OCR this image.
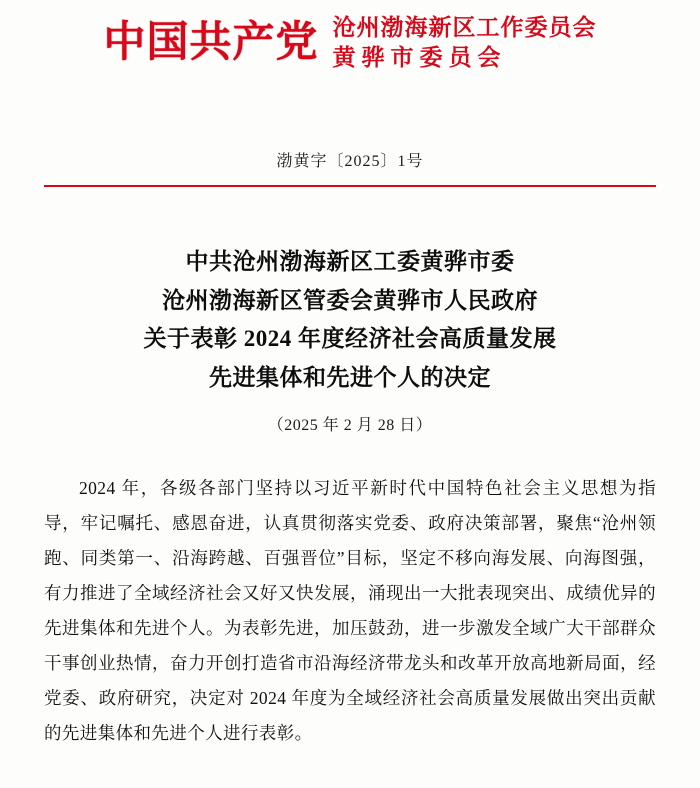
中国共产党 沧州渤海新区工作委员会
黄骅市委员会
渤黄字〔2025〕1号
中共沧州渤海新区工委黄骅市委
沧州渤海新区管委会黄骅市人民政府
关于表彰 2024 年度经济社会高质量发展
先进集体和先进个人的决定
（2025 年 2 月 28 日）

2024 年，各级各部门坚持以习近平新时代中国特色社会主义思想为指导，牢记嘱托、感恩奋进，认真贯彻落实党委、政府决策部署，聚焦“沧州领跑、同类第一、沿海跨越、百强晋位”目标，坚定不移向海发展、向海图强，有力推进了全域经济社会又好又快发展，涌现出一大批表现突出、成绩优异的先进集体和先进个人。为表彰先进，加压鼓劲，进一步激发全域广大干部群众干事创业热情，奋力开创打造省市沿海经济带龙头和改革开放高地新局面，经党委、政府研究，决定对 2024 年度为全域经济社会高质量发展做出突出贡献的先进集体和先进个人进行表彰。
